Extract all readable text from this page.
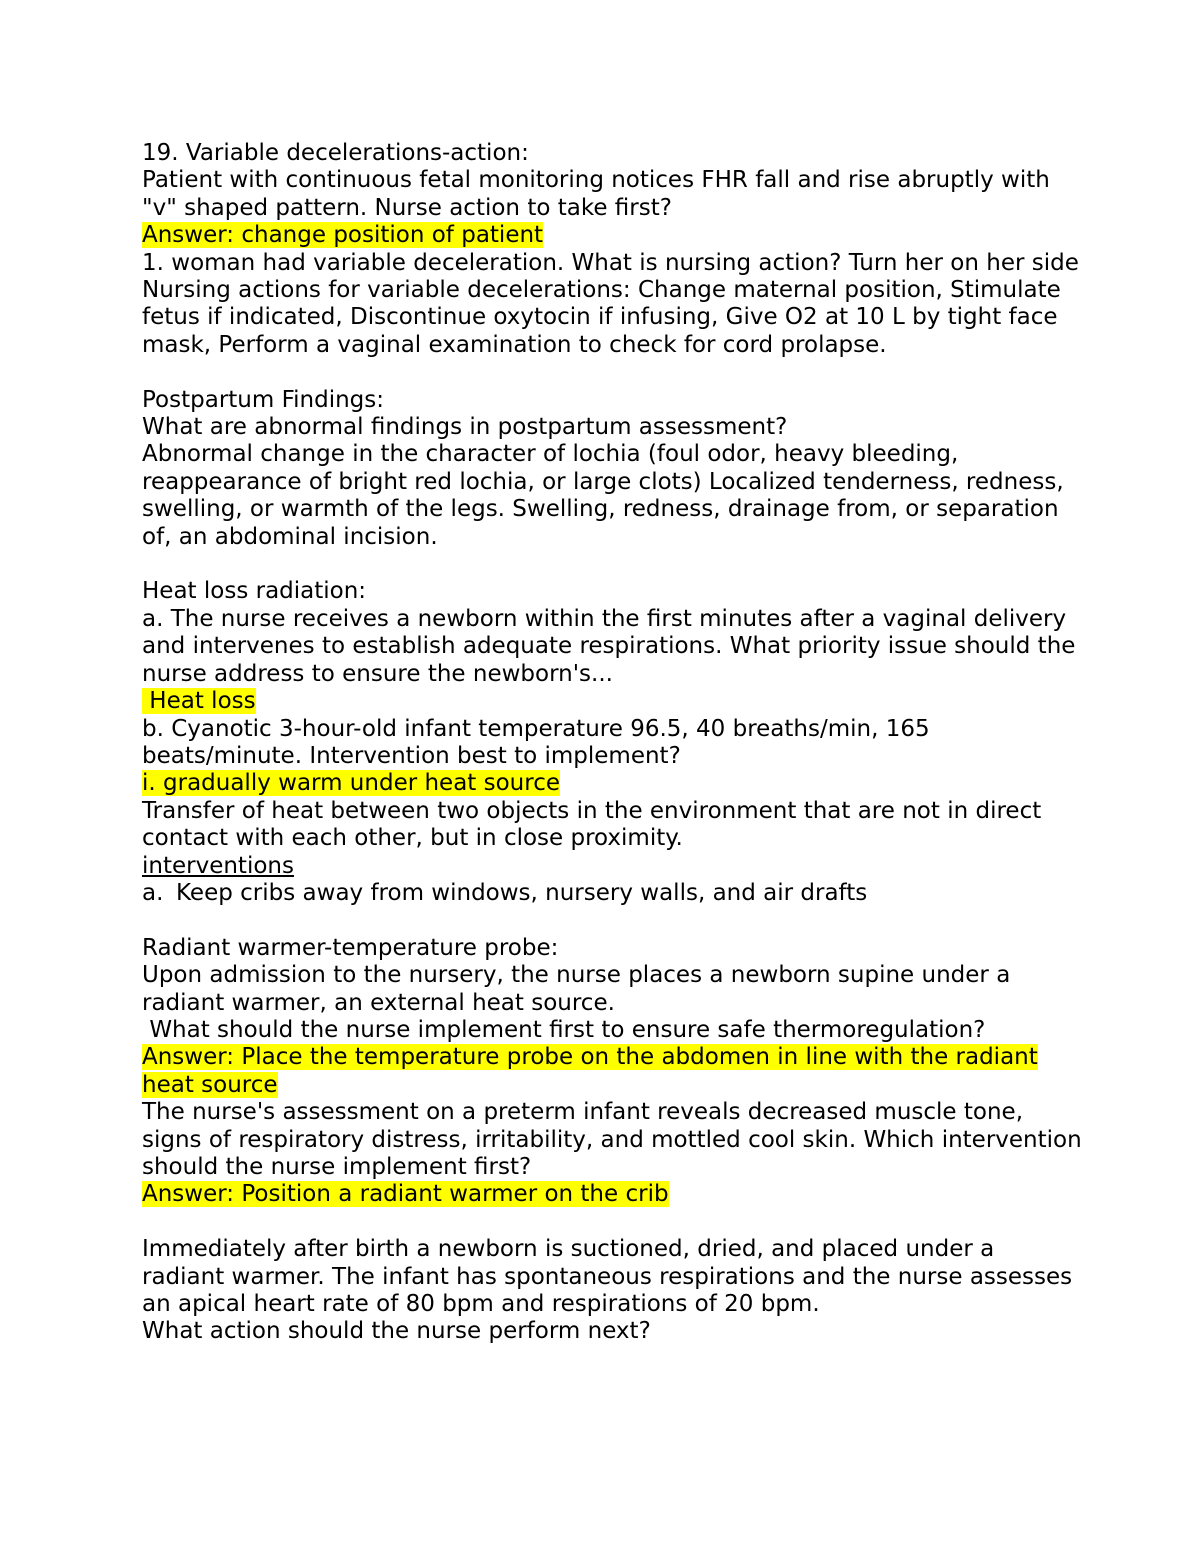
19. Variable decelerations-action:

Patient with continuous fetal monitoring notices FHR fall and rise abruptly with "v" shaped pattern. Nurse action to take first?

Answer: change position of patient

1. woman had variable deceleration. What is nursing action? Turn her on her side

Nursing actions for variable decelerations: Change maternal position, Stimulate fetus if indicated, Discontinue oxytocin if infusing, Give O2 at 10 L by tight face mask, Perform a vaginal examination to check for cord prolapse.

Postpartum Findings:

What are abnormal findings in postpartum assessment?

Abnormal change in the character of lochia (foul odor, heavy bleeding, reappearance of bright red lochia, or large clots) Localized tenderness, redness, swelling, or warmth of the legs. Swelling, redness, drainage from, or separation of, an abdominal incision.

Heat loss radiation:

a. The nurse receives a newborn within the first minutes after a vaginal delivery and intervenes to establish adequate respirations. What priority issue should the nurse address to ensure the newborn's...

Heat loss

b. Cyanotic 3-hour-old infant temperature 96.5, 40 breaths/min, 165 beats/minute. Intervention best to implement?

i. gradually warm under heat source

Transfer of heat between two objects in the environment that are not in direct contact with each other, but in close proximity.

interventions

a. Keep cribs away from windows, nursery walls, and air drafts

Radiant warmer-temperature probe:

Upon admission to the nursery, the nurse places a newborn supine under a radiant warmer, an external heat source.

What should the nurse implement first to ensure safe thermoregulation?

Answer: Place the temperature probe on the abdomen in line with the radiant heat source

The nurse's assessment on a preterm infant reveals decreased muscle tone, signs of respiratory distress, irritability, and mottled cool skin. Which intervention should the nurse implement first?

Answer: Position a radiant warmer on the crib

Immediately after birth a newborn is suctioned, dried, and placed under a radiant warmer. The infant has spontaneous respirations and the nurse assesses an apical heart rate of 80 bpm and respirations of 20 bpm.

What action should the nurse perform next?
